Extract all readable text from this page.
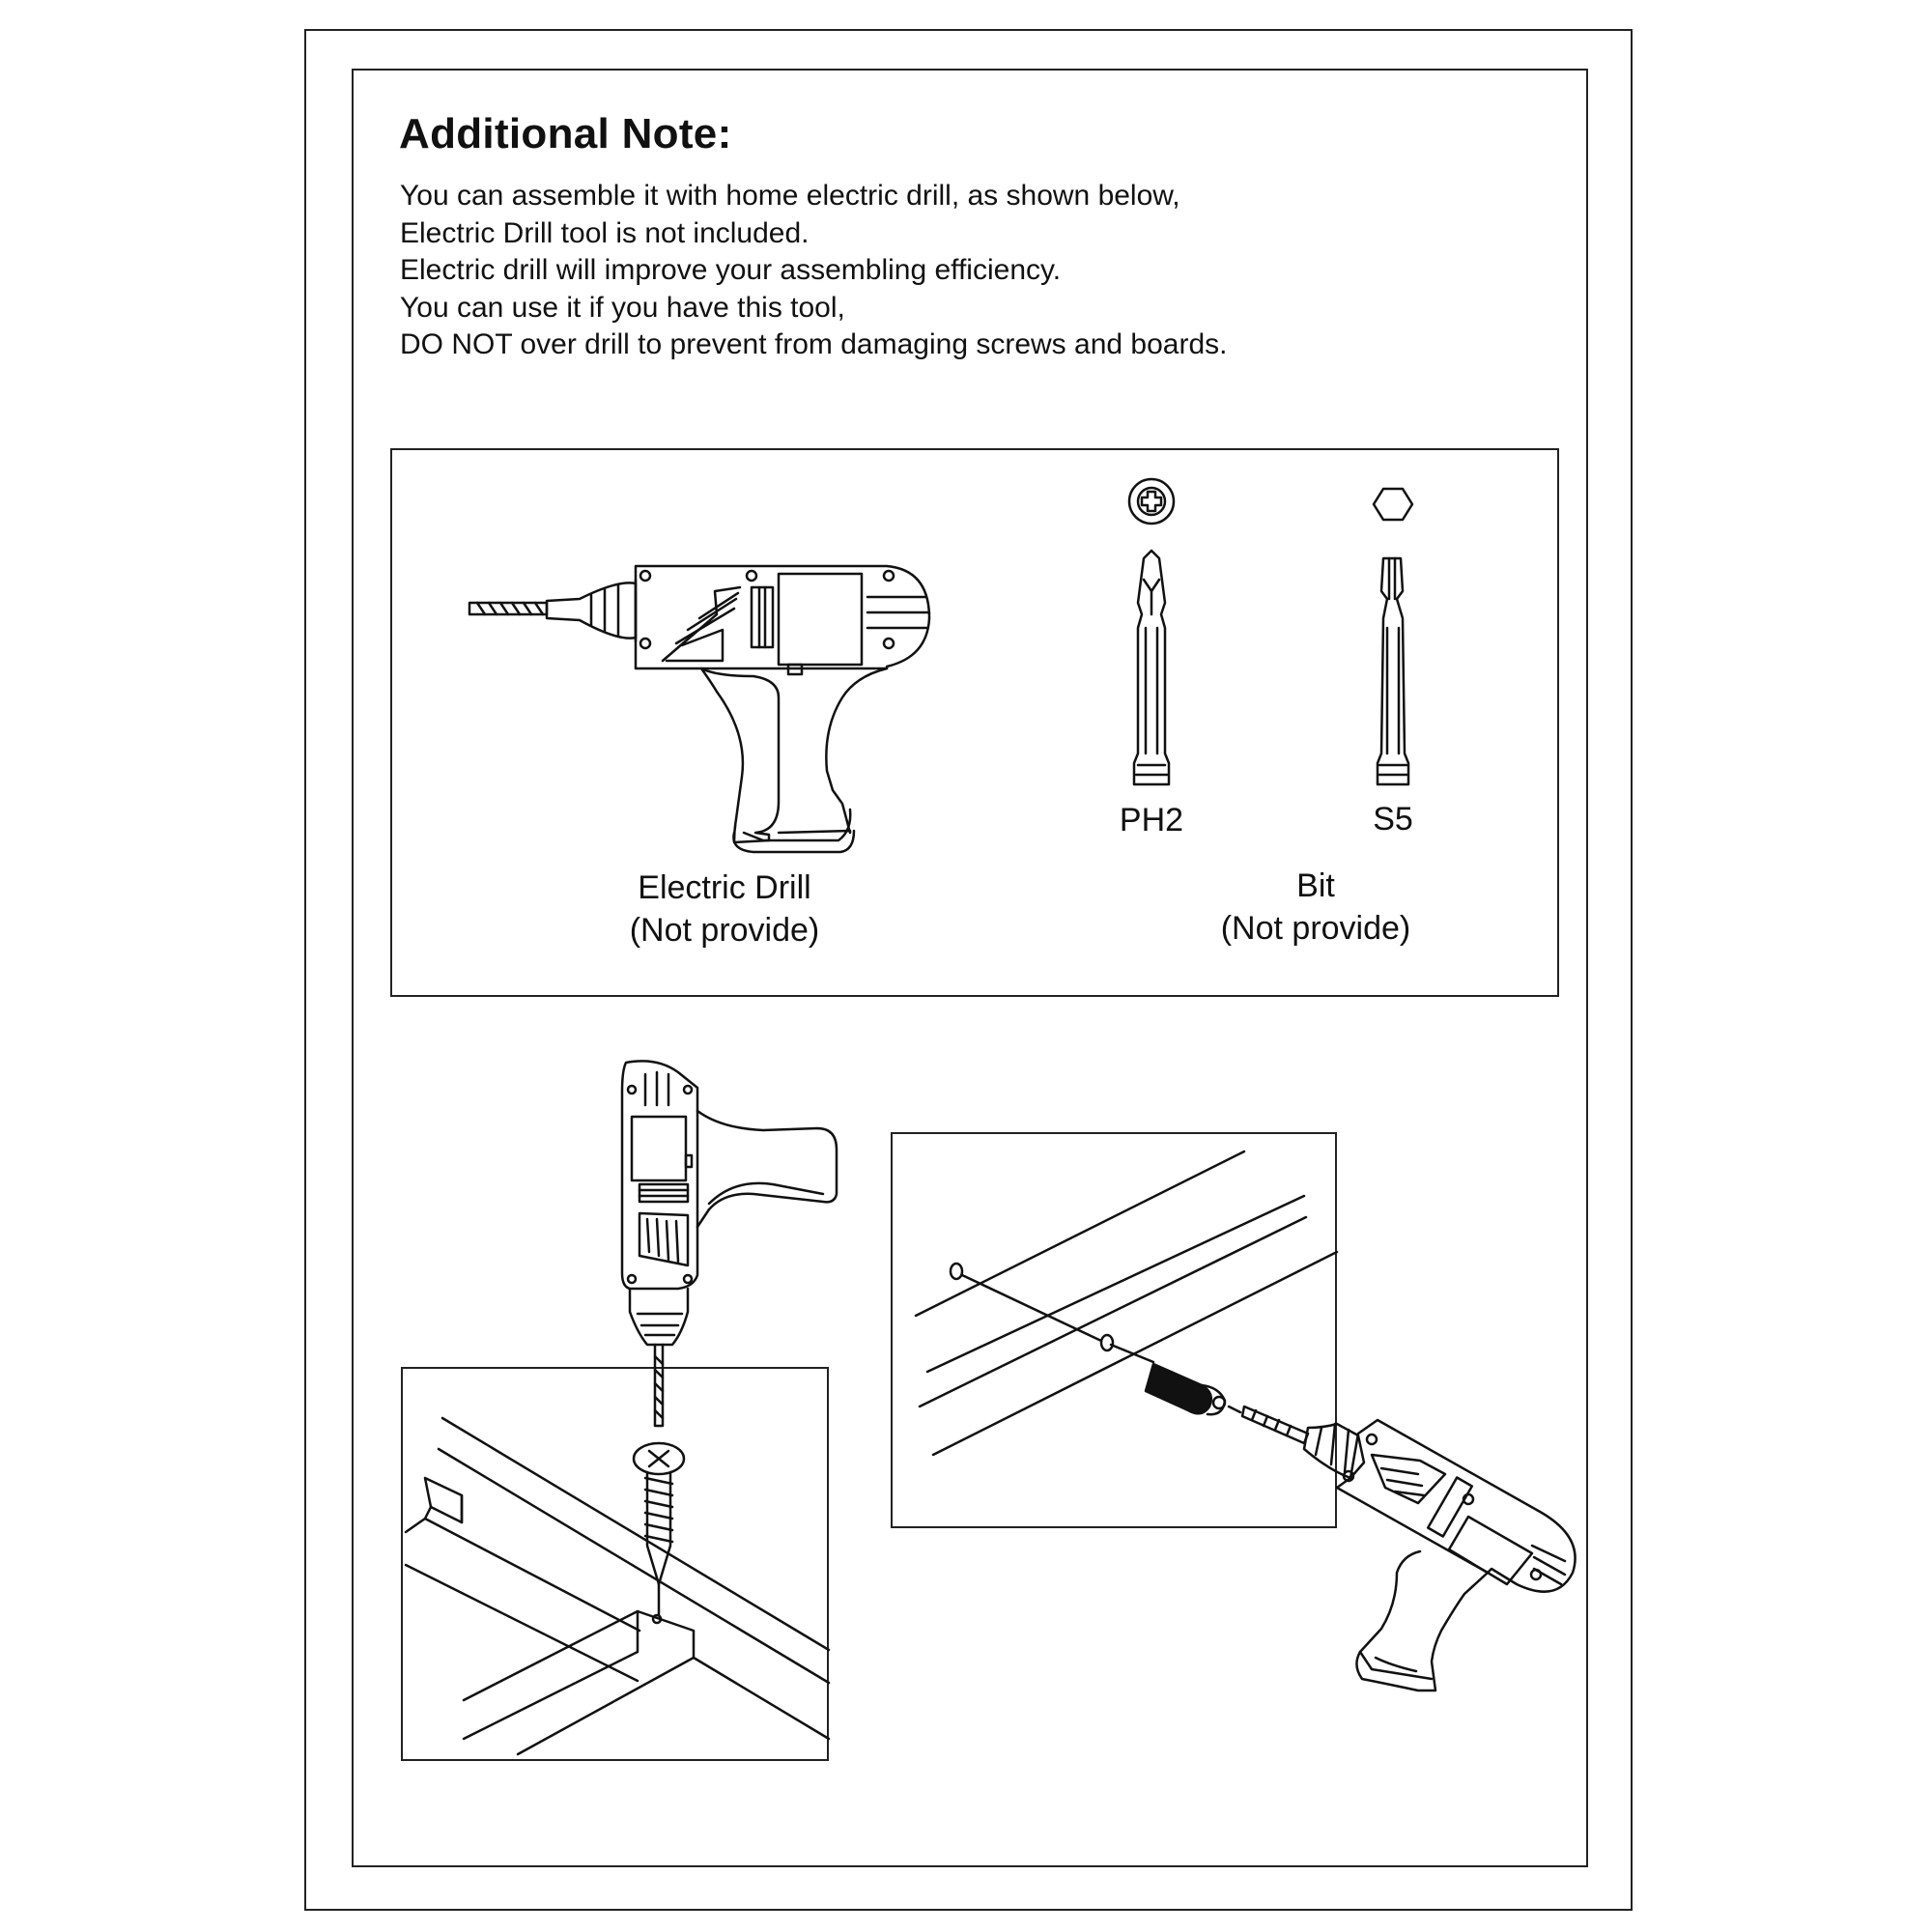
Additional Note:
You can assemble it with home electric drill, as shown below,
Electric Drill tool is not included.
Electric drill will improve your assembling efficiency.
You can use it if you have this tool,
DO NOT over drill to prevent from damaging screws and boards.
Electric Drill
(Not provide)
Bit
(Not provide)
PH2	S5
